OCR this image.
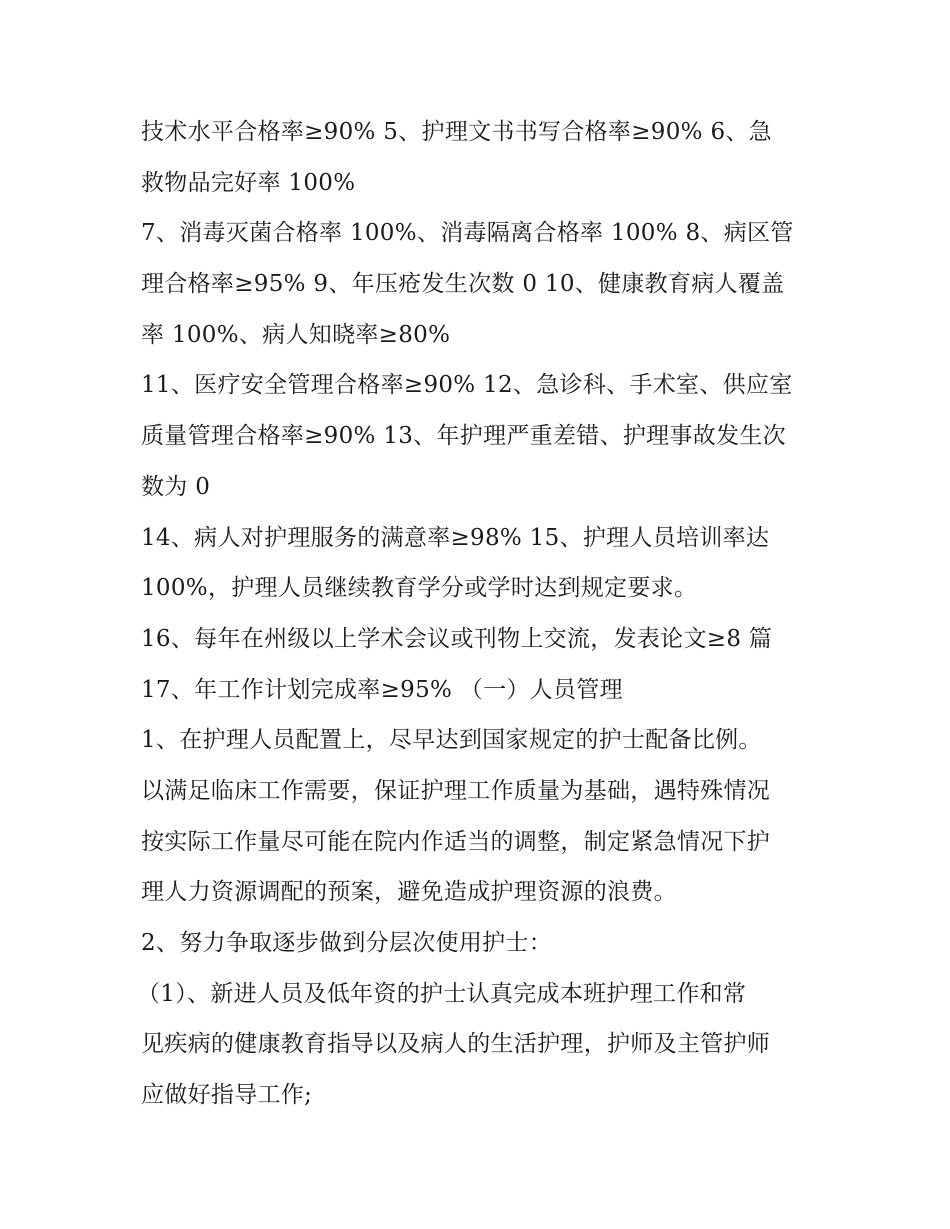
技术水平合格率≥90% 5、护理文书书写合格率≥90% 6、急
救物品完好率 100%
7、消毒灭菌合格率 100%、消毒隔离合格率 100% 8、病区管
理合格率≥95% 9、年压疮发生次数 0 10、健康教育病人覆盖
率 100%、病人知晓率≥80%
11、医疗安全管理合格率≥90% 12、急诊科、手术室、供应室
质量管理合格率≥90% 13、年护理严重差错、护理事故发生次
数为 0
14、病人对护理服务的满意率≥98% 15、护理人员培训率达
100%，护理人员继续教育学分或学时达到规定要求。
16、每年在州级以上学术会议或刊物上交流，发表论文≥8 篇
17、年工作计划完成率≥95% （一）人员管理
1、在护理人员配置上，尽早达到国家规定的护士配备比例。
以满足临床工作需要，保证护理工作质量为基础，遇特殊情况
按实际工作量尽可能在院内作适当的调整，制定紧急情况下护
理人力资源调配的预案，避免造成护理资源的浪费。
2、努力争取逐步做到分层次使用护士：
（1）、新进人员及低年资的护士认真完成本班护理工作和常
见疾病的健康教育指导以及病人的生活护理，护师及主管护师
应做好指导工作;
